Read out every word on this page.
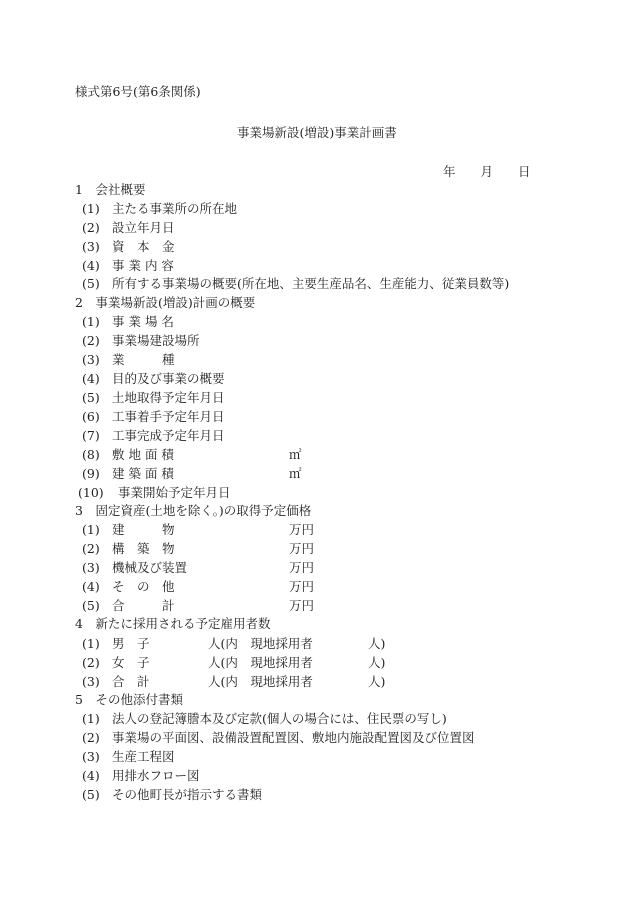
様式第6号(第6条関係)
事業場新設(増設)事業計画書
年　　月　　日
1　会社概要
(1) 主たる事業所の所在地
(2) 設立年月日
(3) 資　本　金
(4) 事 業 内 容
(5) 所有する事業場の概要(所在地、主要生産品名、生産能力、従業員数等)
2　事業場新設(増設)計画の概要
(1) 事 業 場 名
(2) 事業場建設場所
(3) 業　　　種
(4) 目的及び事業の概要
(5) 土地取得予定年月日
(6) 工事着手予定年月日
(7) 工事完成予定年月日
(8) 敷 地 面 積	㎡
(9) 建 築 面 積	㎡
(10) 事業開始予定年月日
3　固定資産(土地を除く。)の取得予定価格
(1) 建　　　物	万円
(2) 構　築　物	万円
(3) 機械及び装置	万円
(4) そ　の　他	万円
(5) 合　　　計	万円
4　新たに採用される予定雇用者数
(1) 男　子	人(内　現地採用者	人)
(2) 女　子	人(内　現地採用者	人)
(3) 合　計	人(内　現地採用者	人)
5　その他添付書類
(1) 法人の登記簿謄本及び定款(個人の場合には、住民票の写し)
(2) 事業場の平面図、設備設置配置図、敷地内施設配置図及び位置図
(3) 生産工程図
(4) 用排水フロー図
(5) その他町長が指示する書類
